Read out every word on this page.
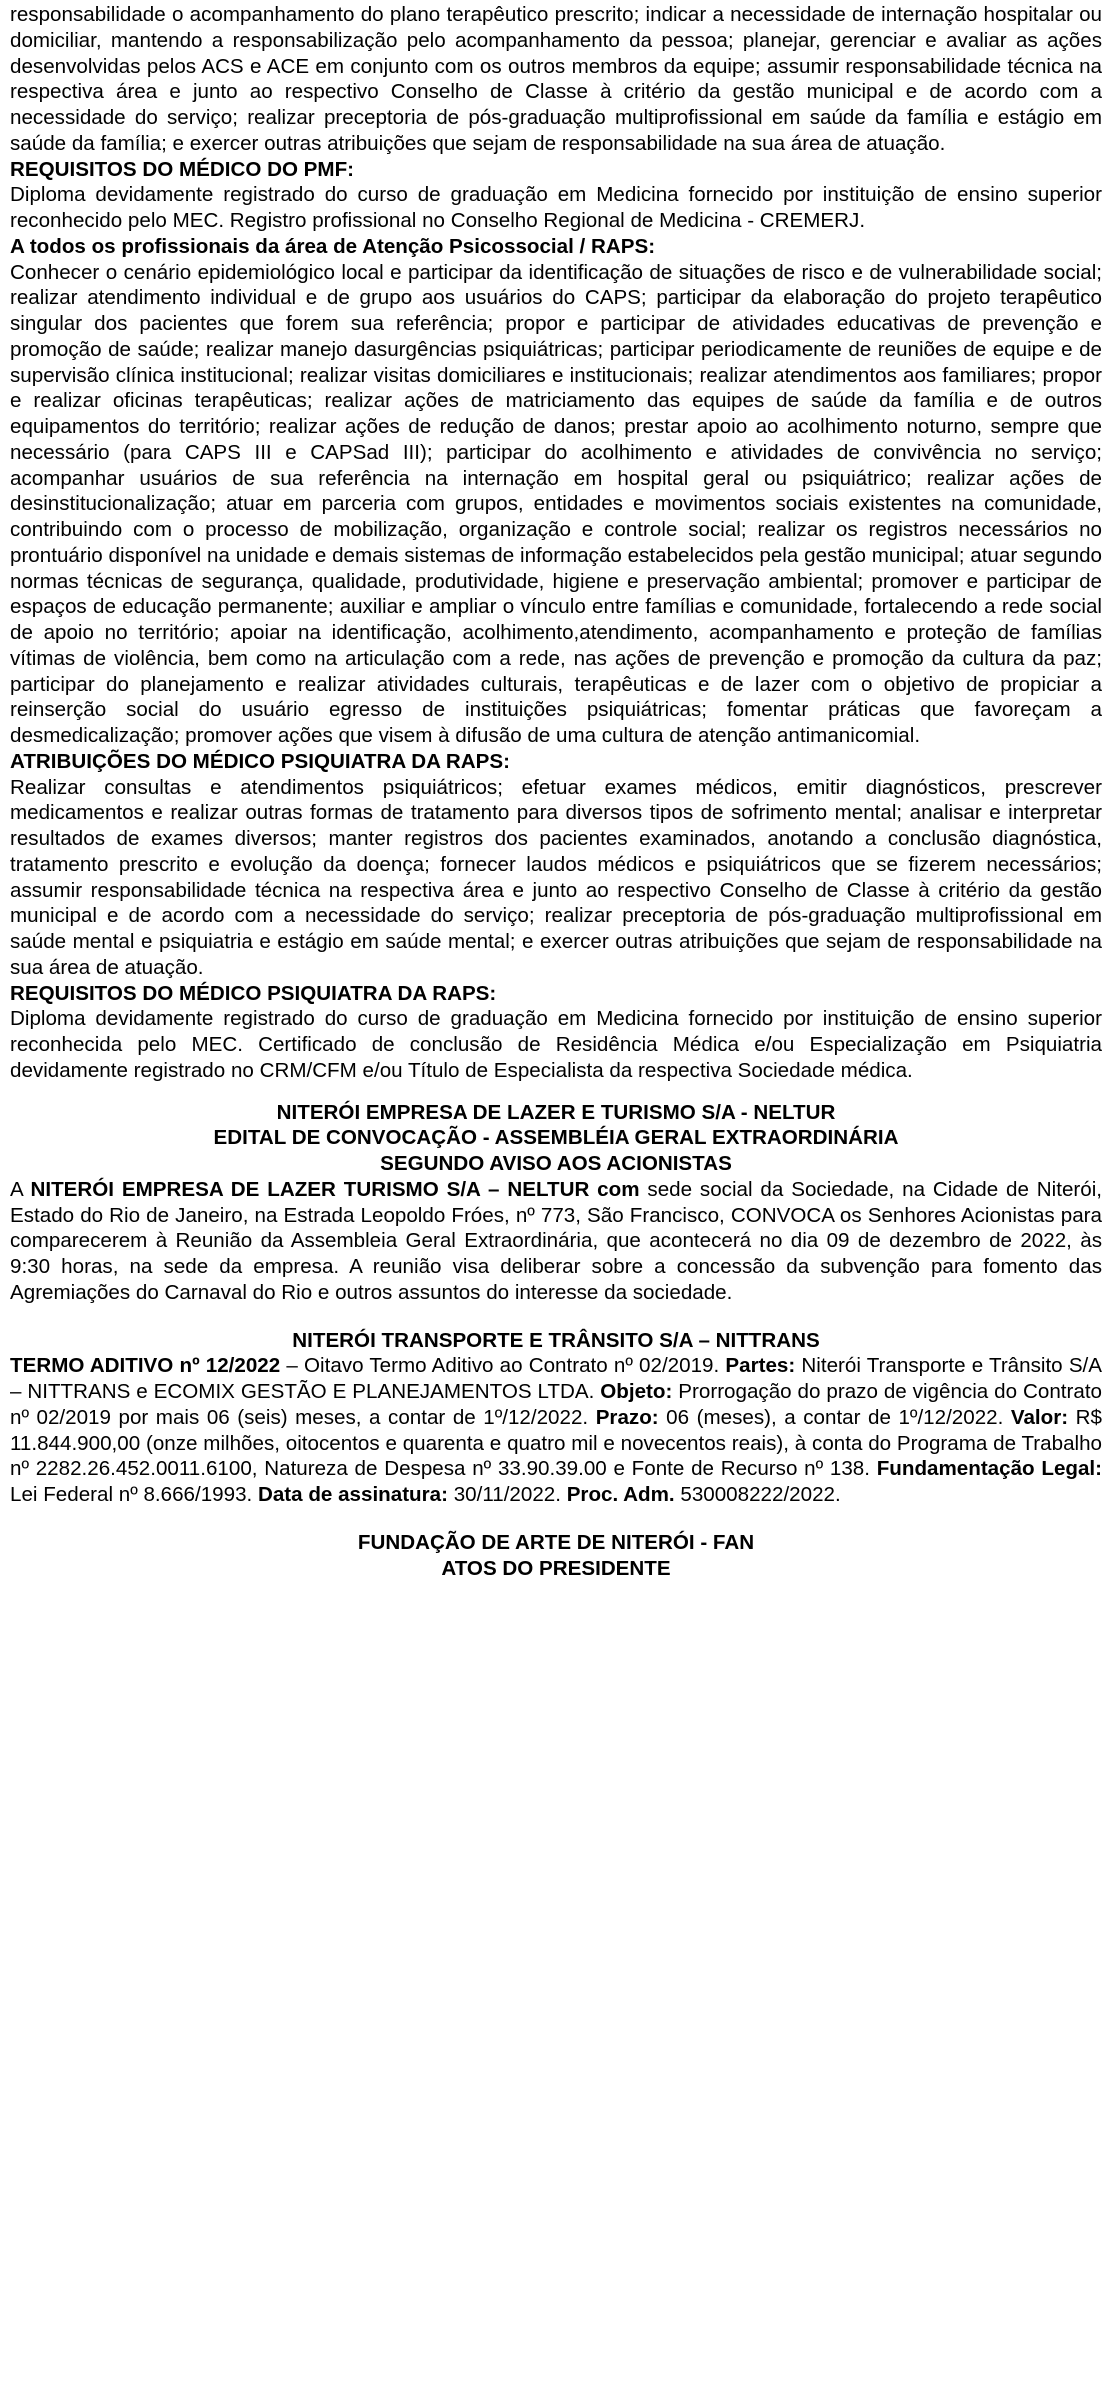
responsabilidade o acompanhamento do plano terapêutico prescrito; indicar a necessidade de internação hospitalar ou domiciliar, mantendo a responsabilização pelo acompanhamento da pessoa; planejar, gerenciar e avaliar as ações desenvolvidas pelos ACS e ACE em conjunto com os outros membros da equipe; assumir responsabilidade técnica na respectiva área e junto ao respectivo Conselho de Classe à critério da gestão municipal e de acordo com a necessidade do serviço; realizar preceptoria de pós-graduação multiprofissional em saúde da família e estágio em saúde da família; e exercer outras atribuições que sejam de responsabilidade na sua área de atuação.

REQUISITOS DO MÉDICO DO PMF:

Diploma devidamente registrado do curso de graduação em Medicina fornecido por instituição de ensino superior reconhecido pelo MEC. Registro profissional no Conselho Regional de Medicina - CREMERJ.

A todos os profissionais da área de Atenção Psicossocial / RAPS:

Conhecer o cenário epidemiológico local e participar da identificação de situações de risco e de vulnerabilidade social; realizar atendimento individual e de grupo aos usuários do CAPS; participar da elaboração do projeto terapêutico singular dos pacientes que forem sua referência; propor e participar de atividades educativas de prevenção e promoção de saúde; realizar manejo dasurgências psiquiátricas; participar periodicamente de reuniões de equipe e de supervisão clínica institucional; realizar visitas domiciliares e institucionais; realizar atendimentos aos familiares; propor e realizar oficinas terapêuticas; realizar ações de matriciamento das equipes de saúde da família e de outros equipamentos do território; realizar ações de redução de danos; prestar apoio ao acolhimento noturno, sempre que necessário (para CAPS III e CAPSad III); participar do acolhimento e atividades de convivência no serviço; acompanhar usuários de sua referência na internação em hospital geral ou psiquiátrico; realizar ações de desinstitucionalização; atuar em parceria com grupos, entidades e movimentos sociais existentes na comunidade, contribuindo com o processo de mobilização, organização e controle social; realizar os registros necessários no prontuário disponível na unidade e demais sistemas de informação estabelecidos pela gestão municipal; atuar segundo normas técnicas de segurança, qualidade, produtividade, higiene e preservação ambiental; promover e participar de espaços de educação permanente; auxiliar e ampliar o vínculo entre famílias e comunidade, fortalecendo a rede social de apoio no território; apoiar na identificação, acolhimento,atendimento, acompanhamento e proteção de famílias vítimas de violência, bem como na articulação com a rede, nas ações de prevenção e promoção da cultura da paz; participar do planejamento e realizar atividades culturais, terapêuticas e de lazer com o objetivo de propiciar a reinserção social do usuário egresso de instituições psiquiátricas; fomentar práticas que favoreçam a desmedicalização; promover ações que visem à difusão de uma cultura de atenção antimanicomial.

ATRIBUIÇÕES DO MÉDICO PSIQUIATRA DA RAPS:

Realizar consultas e atendimentos psiquiátricos; efetuar exames médicos, emitir diagnósticos, prescrever medicamentos e realizar outras formas de tratamento para diversos tipos de sofrimento mental; analisar e interpretar resultados de exames diversos; manter registros dos pacientes examinados, anotando a conclusão diagnóstica, tratamento prescrito e evolução da doença; fornecer laudos médicos e psiquiátricos que se fizerem necessários; assumir responsabilidade técnica na respectiva área e junto ao respectivo Conselho de Classe à critério da gestão municipal e de acordo com a necessidade do serviço; realizar preceptoria de pós-graduação multiprofissional em saúde mental e psiquiatria e estágio em saúde mental; e exercer outras atribuições que sejam de responsabilidade na sua área de atuação.

REQUISITOS DO MÉDICO PSIQUIATRA DA RAPS:

Diploma devidamente registrado do curso de graduação em Medicina fornecido por instituição de ensino superior reconhecida pelo MEC. Certificado de conclusão de Residência Médica e/ou Especialização em Psiquiatria devidamente registrado no CRM/CFM e/ou Título de Especialista da respectiva Sociedade médica.

NITERÓI EMPRESA DE LAZER E TURISMO S/A - NELTUR
EDITAL DE CONVOCAÇÃO - ASSEMBLÉIA GERAL EXTRAORDINÁRIA
SEGUNDO AVISO AOS ACIONISTAS

A NITERÓI EMPRESA DE LAZER TURISMO S/A – NELTUR com sede social da Sociedade, na Cidade de Niterói, Estado do Rio de Janeiro, na Estrada Leopoldo Fróes, nº 773, São Francisco, CONVOCA os Senhores Acionistas para comparecerem à Reunião da Assembleia Geral Extraordinária, que acontecerá no dia 09 de dezembro de 2022, às 9:30 horas, na sede da empresa. A reunião visa deliberar sobre a concessão da subvenção para fomento das Agremiações do Carnaval do Rio e outros assuntos do interesse da sociedade.

NITERÓI TRANSPORTE E TRÂNSITO S/A – NITTRANS

TERMO ADITIVO nº 12/2022 – Oitavo Termo Aditivo ao Contrato nº 02/2019. Partes: Niterói Transporte e Trânsito S/A – NITTRANS e ECOMIX GESTÃO E PLANEJAMENTOS LTDA. Objeto: Prorrogação do prazo de vigência do Contrato nº 02/2019 por mais 06 (seis) meses, a contar de 1º/12/2022. Prazo: 06 (meses), a contar de 1º/12/2022. Valor: R$ 11.844.900,00 (onze milhões, oitocentos e quarenta e quatro mil e novecentos reais), à conta do Programa de Trabalho nº 2282.26.452.0011.6100, Natureza de Despesa nº 33.90.39.00 e Fonte de Recurso nº 138. Fundamentação Legal: Lei Federal nº 8.666/1993. Data de assinatura: 30/11/2022. Proc. Adm. 530008222/2022.

FUNDAÇÃO DE ARTE DE NITERÓI - FAN
ATOS DO PRESIDENTE
